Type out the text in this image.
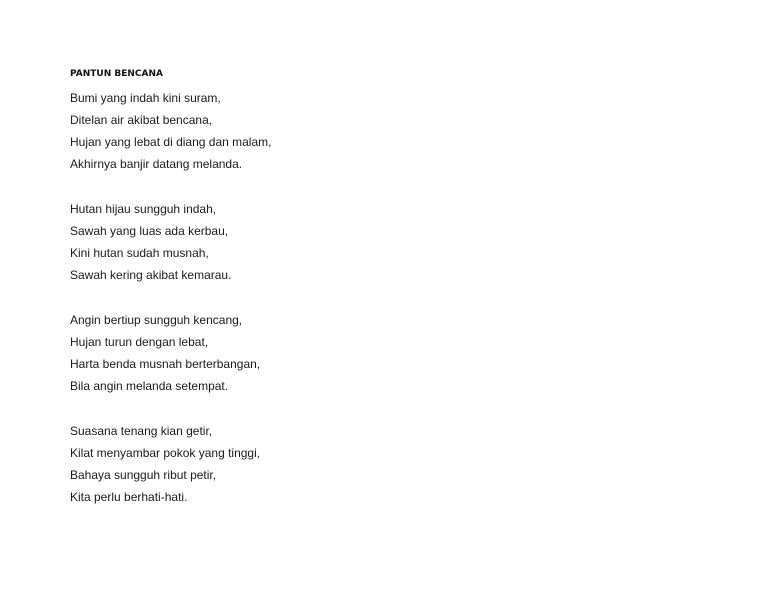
PANTUN BENCANA
Bumi yang indah kini suram,
Ditelan air akibat bencana,
Hujan yang lebat di diang dan malam,
Akhirnya banjir datang melanda.
Hutan hijau sungguh indah,
Sawah yang luas ada kerbau,
Kini hutan sudah musnah,
Sawah kering akibat kemarau.
Angin bertiup sungguh kencang,
Hujan turun dengan lebat,
Harta benda musnah berterbangan,
Bila angin melanda setempat.
Suasana tenang kian getir,
Kilat menyambar pokok yang tinggi,
Bahaya sungguh ribut petir,
Kita perlu berhati-hati.
